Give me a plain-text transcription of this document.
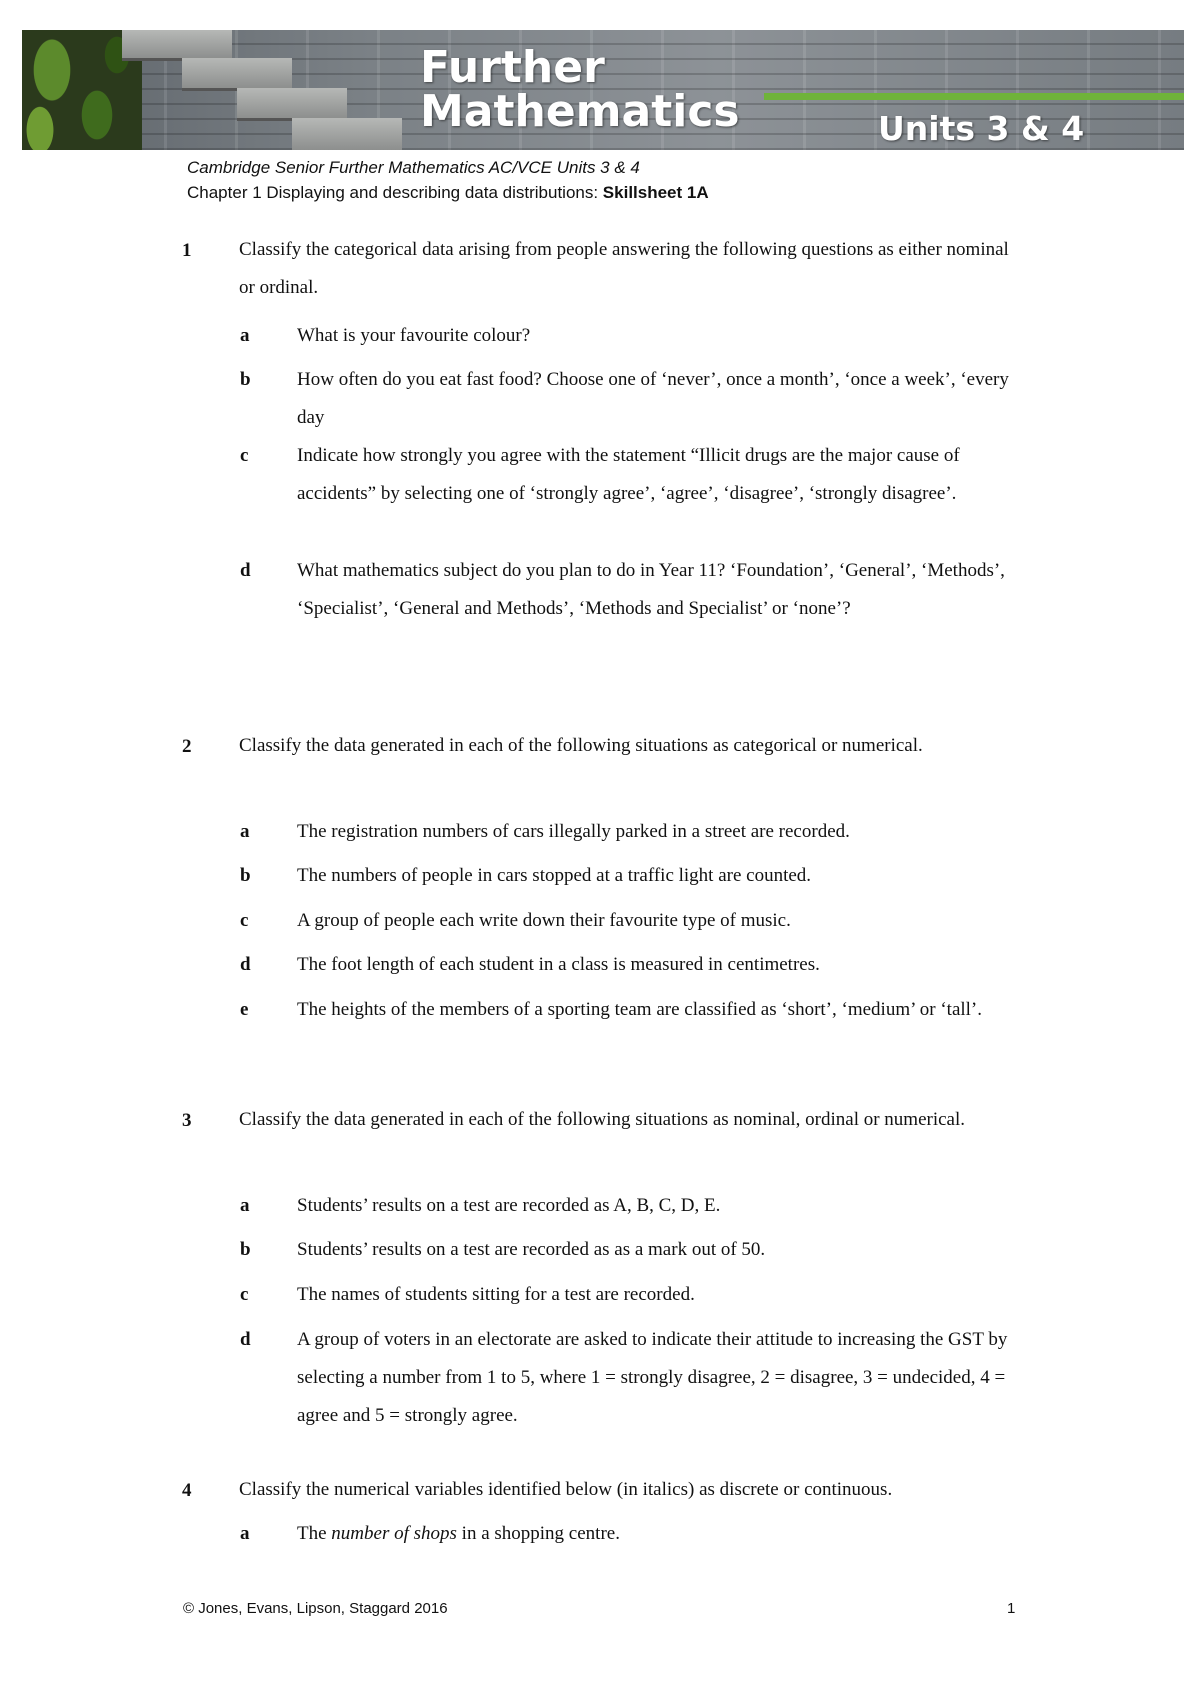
Further
Mathematics	Units 3 & 4
Cambridge Senior Further Mathematics AC/VCE Units 3 & 4
Chapter 1 Displaying and describing data distributions: Skillsheet 1A
1	Classify the categorical data arising from people answering the following questions as either nominal or ordinal.
a	What is your favourite colour?
b How often do you eat fast food? Choose one of ‘never’, once a month’, ‘once a week’, ‘every day
c	Indicate how strongly you agree with the statement “Illicit drugs are the major cause of accidents” by selecting one of ‘strongly agree’, ‘agree’, ‘disagree’, ‘strongly disagree’.
d What mathematics subject do you plan to do in Year 11? ‘Foundation’, ‘General’, ‘Methods’, ‘Specialist’, ‘General and Methods’, ‘Methods and Specialist’ or ‘none’?
2	Classify the data generated in each of the following situations as categorical or numerical.
a	The registration numbers of cars illegally parked in a street are recorded.
b The numbers of people in cars stopped at a traffic light are counted.
c	A group of people each write down their favourite type of music.
d The foot length of each student in a class is measured in centimetres.
e	The heights of the members of a sporting team are classified as ‘short’, ‘medium’ or ‘tall’.
3	Classify the data generated in each of the following situations as nominal, ordinal or numerical.
a	Students’ results on a test are recorded as A, B, C, D, E.
b Students’ results on a test are recorded as as a mark out of 50.
c	The names of students sitting for a test are recorded.
d A group of voters in an electorate are asked to indicate their attitude to increasing the GST by selecting a number from 1 to 5, where 1 = strongly disagree, 2 = disagree, 3 = undecided, 4 = agree and 5 = strongly agree.
4	Classify the numerical variables identified below (in italics) as discrete or continuous.
a	The number of shops in a shopping centre.
© Jones, Evans, Lipson, Staggard 2016	1
